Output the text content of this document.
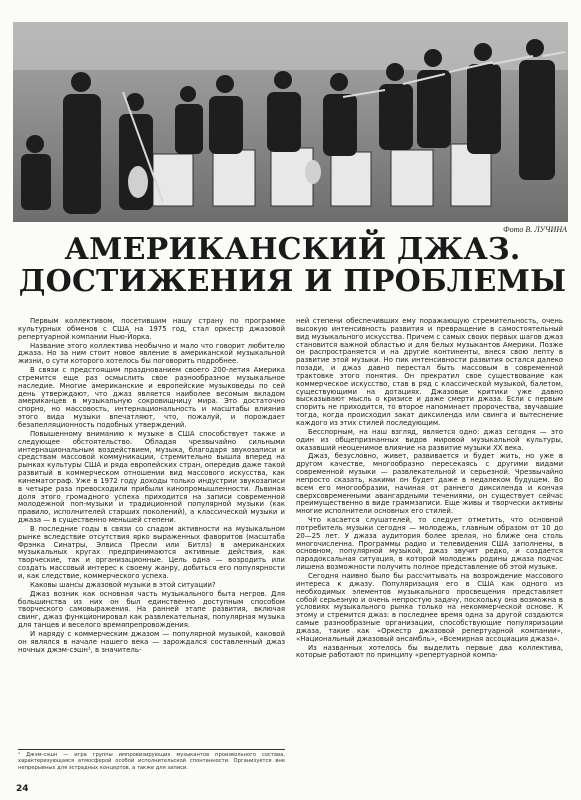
Фото В. ЛУЧИНА
АМЕРИКАНСКИЙ ДЖАЗ.
ДОСТИЖЕНИЯ И ПРОБЛЕМЫ

Первым коллективом, посетившим нашу страну по программе культурных обменов с США на 1975 год, стал оркестр джазовой репертуарной компании Нью-Йорка.

Название этого коллектива необычно и мало что говорит любителю джаза. Но за ним стоит новое явление в американской музыкальной жизни, о сути которого хотелось бы поговорить подробнее.

В связи с предстоящим празднованием своего 200-летия Америка стремится еще раз осмыслить свое разнообразное музыкальное наследие. Многие американские и европейские музыковеды по сей день утверждают, что джаз является наиболее весомым вкладом американцев в музыкальную сокровищницу мира. Это достаточно спорно, но массовость, интернациональность и масштабы влияния этого вида музыки впечатляют, что, пожалуй, и порождает безапелляционность подобных утверждений.

Повышенному вниманию к музыке в США способствует также и следующее обстоятельство. Обладая чрезвычайно сильными интернациональным воздействием, музыка, благодаря звукозаписи и средствам массовой коммуникации, стремительно вышла вперед на рынках культуры США и ряда европейских стран, опередив даже такой развитый в коммерческом отношении вид массового искусства, как кинематограф. Уже в 1972 году доходы только индустрии звукозаписи в четыре раза превосходили прибыли кинопромышленности. Львиная доля этого громадного успеха приходится на записи современной молодежной поп-музыки и традиционной популярной музыки (как правило, исполнителей старших поколений), а классической музыки и джаза — в существенно меньшей степени.

В последние годы в связи со спадом активности на музыкальном рынке вследствие отсутствия ярко выраженных фаворитов (масштаба Фрэнка Синатры, Элвиса Пресли или Битлз) в американских музыкальных кругах предпринимаются активные действия, как творческие, так и организационные. Цель одна — возродить или создать массовый интерес к своему жанру, добиться его популярности и, как следствие, коммерческого успеха.

Каковы шансы джазовой музыки в этой ситуации?

Джаз возник как основная часть музыкального быта негров. Для большинства из них он был единственно доступным способом творческого самовыражения. На ранней этапе развития, включая свинг, джаз функционировал как развлекательная, популярная музыка для танцев и веселого времяпрепровождения.

И наряду с коммерческим джазом — популярной музыкой, каковой он являлся в начале нашего века — зарождался составленный джаз ночных джэм-сэшн¹, в значитель-

ней степени обеспечивших ему поражающую стремительность, очень высокую интенсивность развития и превращение в самостоятельный вид музыкального искусства. Причем с самых своих первых шагов джаз становится важной областью и для белых музыкантов Америки. Позже он распространяется и на другие континенты, внеся свою лепту в развитие этой музыки. Но пик интенсивности развития остался далеко позади, и джаз давно перестал быть массовым в современной трактовке этого понятия. Он прекратил свое существование как коммерческое искусство, став в ряд с классической музыкой, балетом, существующими на дотациях. Джазовые критики уже давно высказывают мысль о кризисе и даже смерти джаза. Если с первым спорить не приходится, то второе напоминает пророчества, звучавшие тогда, когда происходил закат диксиленда или свинга и вытеснение каждого из этих стилей последующим.

Бесспорным, на наш взгляд, является одно: джаз сегодня — это один из общепризнанных видов мировой музыкальной культуры, оказавший неоценимое влияние на развитие музыки XX века.

Джаз, безусловно, живет, развивается и будет жить, но уже в другом качестве, многообразно пересекаясь с другими видами современной музыки — развлекательной и серьезной. Чрезвычайно непросто сказать, какими он будет даже в недалеком будущем. Во всем его многообразии, начиная от раннего диксиленда и кончая сверхсовременными авангардными течениями, он существует сейчас преимущественно в виде граммзаписи. Еще живы и творчески активны многие исполнители основных его стилей.

Что касается слушателей, то следует отметить, что основной потребитель музыки сегодня — молодежь, главным образом от 10 до 20—25 лет. У джаза аудитория более зрелая, но ближе она столь многочисленна. Программы радио и телевидения США заполнены, в основном, популярной музыкой, джаз звучит редко, и создается парадоксальная ситуация, в которой молодежь родины джаза подчас лишена возможности получить полное представление об этой музыке.

Сегодня наивно было бы рассчитывать на возрождение массового интереса к джазу. Популяризация его в США как одного из необходимых элементов музыкального просвещения представляет собой серьезную и очень непростую задачу, поскольку она возможна в условиях музыкального рынка только на некоммерческой основе. К этому и стремится джаз: в последнее время одна за другой создаются самые разнообразные организации, способствующие популяризации джаза, такие как «Оркестр джазовой репертуарной компании», «Национальный джазовый ансамбль», «Всемирная ассоциация джаза».

Из названных хотелось бы выделить первые два коллектива, которые работают по принципу «репертуарной компа-

¹ Джэм-сэшн — игра группы импровизирующих музыкантов произвольного состава, характеризующаяся атмосферой особой исполнительской спонтанности. Организуется вне непрерывных для эстрадных концертов, а также для записи.
24
